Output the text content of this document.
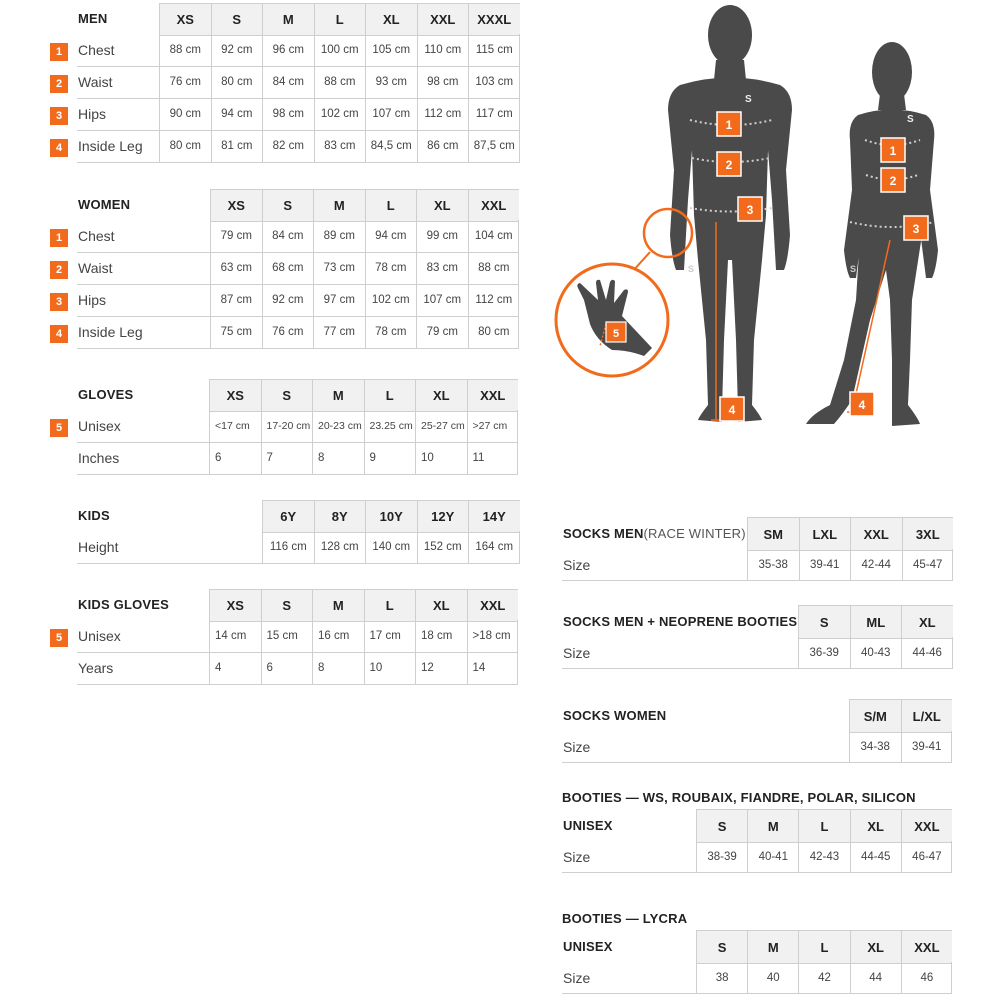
MEN	XS	S	M	L	XL	XXL	XXXL
Chest	88 cm	92 cm	96 cm	100 cm	105 cm	110 cm	115 cm
1
Waist	76 cm	80 cm	84 cm	88 cm	93 cm	98 cm	103 cm
2
Hips	90 cm	94 cm	98 cm	102 cm	107 cm	112 cm	117 cm
3
Inside Leg	80 cm	81 cm	82 cm	83 cm	84,5 cm	86 cm	87,5 cm
4
WOMEN	XS	S	M	L	XL	XXL
Chest	79 cm	84 cm	89 cm	94 cm	99 cm	104 cm
1
Waist	63 cm	68 cm	73 cm	78 cm	83 cm	88 cm
2
Hips	87 cm	92 cm	97 cm	102 cm	107 cm	112 cm
3
Inside Leg	75 cm	76 cm	77 cm	78 cm	79 cm	80 cm
4
GLOVES	XS	S	M	L	XL	XXL
Unisex	<17 cm	17-20 cm 20-23 cm 23.25 cm 25-27 cm >27 cm
5
Inches	6	7	8	9	10	11
KIDS	6Y	8Y	10Y	12Y	14Y
Height	116 cm	128 cm	140 cm	152 cm	164 cm
KIDS GLOVES	XS	S	M	L	XL	XXL
Unisex	14 cm	15 cm	16 cm	17 cm	18 cm	>18 cm
5
Years	4	6	8	10	12	14
SOCKS MEN (RACE WINTER)	SM	LXL	XXL	3XL
Size	35-38	39-41	42-44	45-47
SOCKS MEN + NEOPRENE BOOTIES	S	ML	XL
Size	36-39	40-43	44-46
SOCKS WOMEN	S/M	L/XL
Size	34-38	39-41
UNISEX	S	M	L	XL	XXL
Size	38-39	40-41	42-43	44-45	46-47
UNISEX	S	M	L	XL	XXL
Size	38	40	42	44	46
BOOTIES — WS, ROUBAIX, FIANDRE, POLAR, SILICON
BOOTIES — LYCRA
S
S
S	S
1
2
3
4
1
2
3
4
5
